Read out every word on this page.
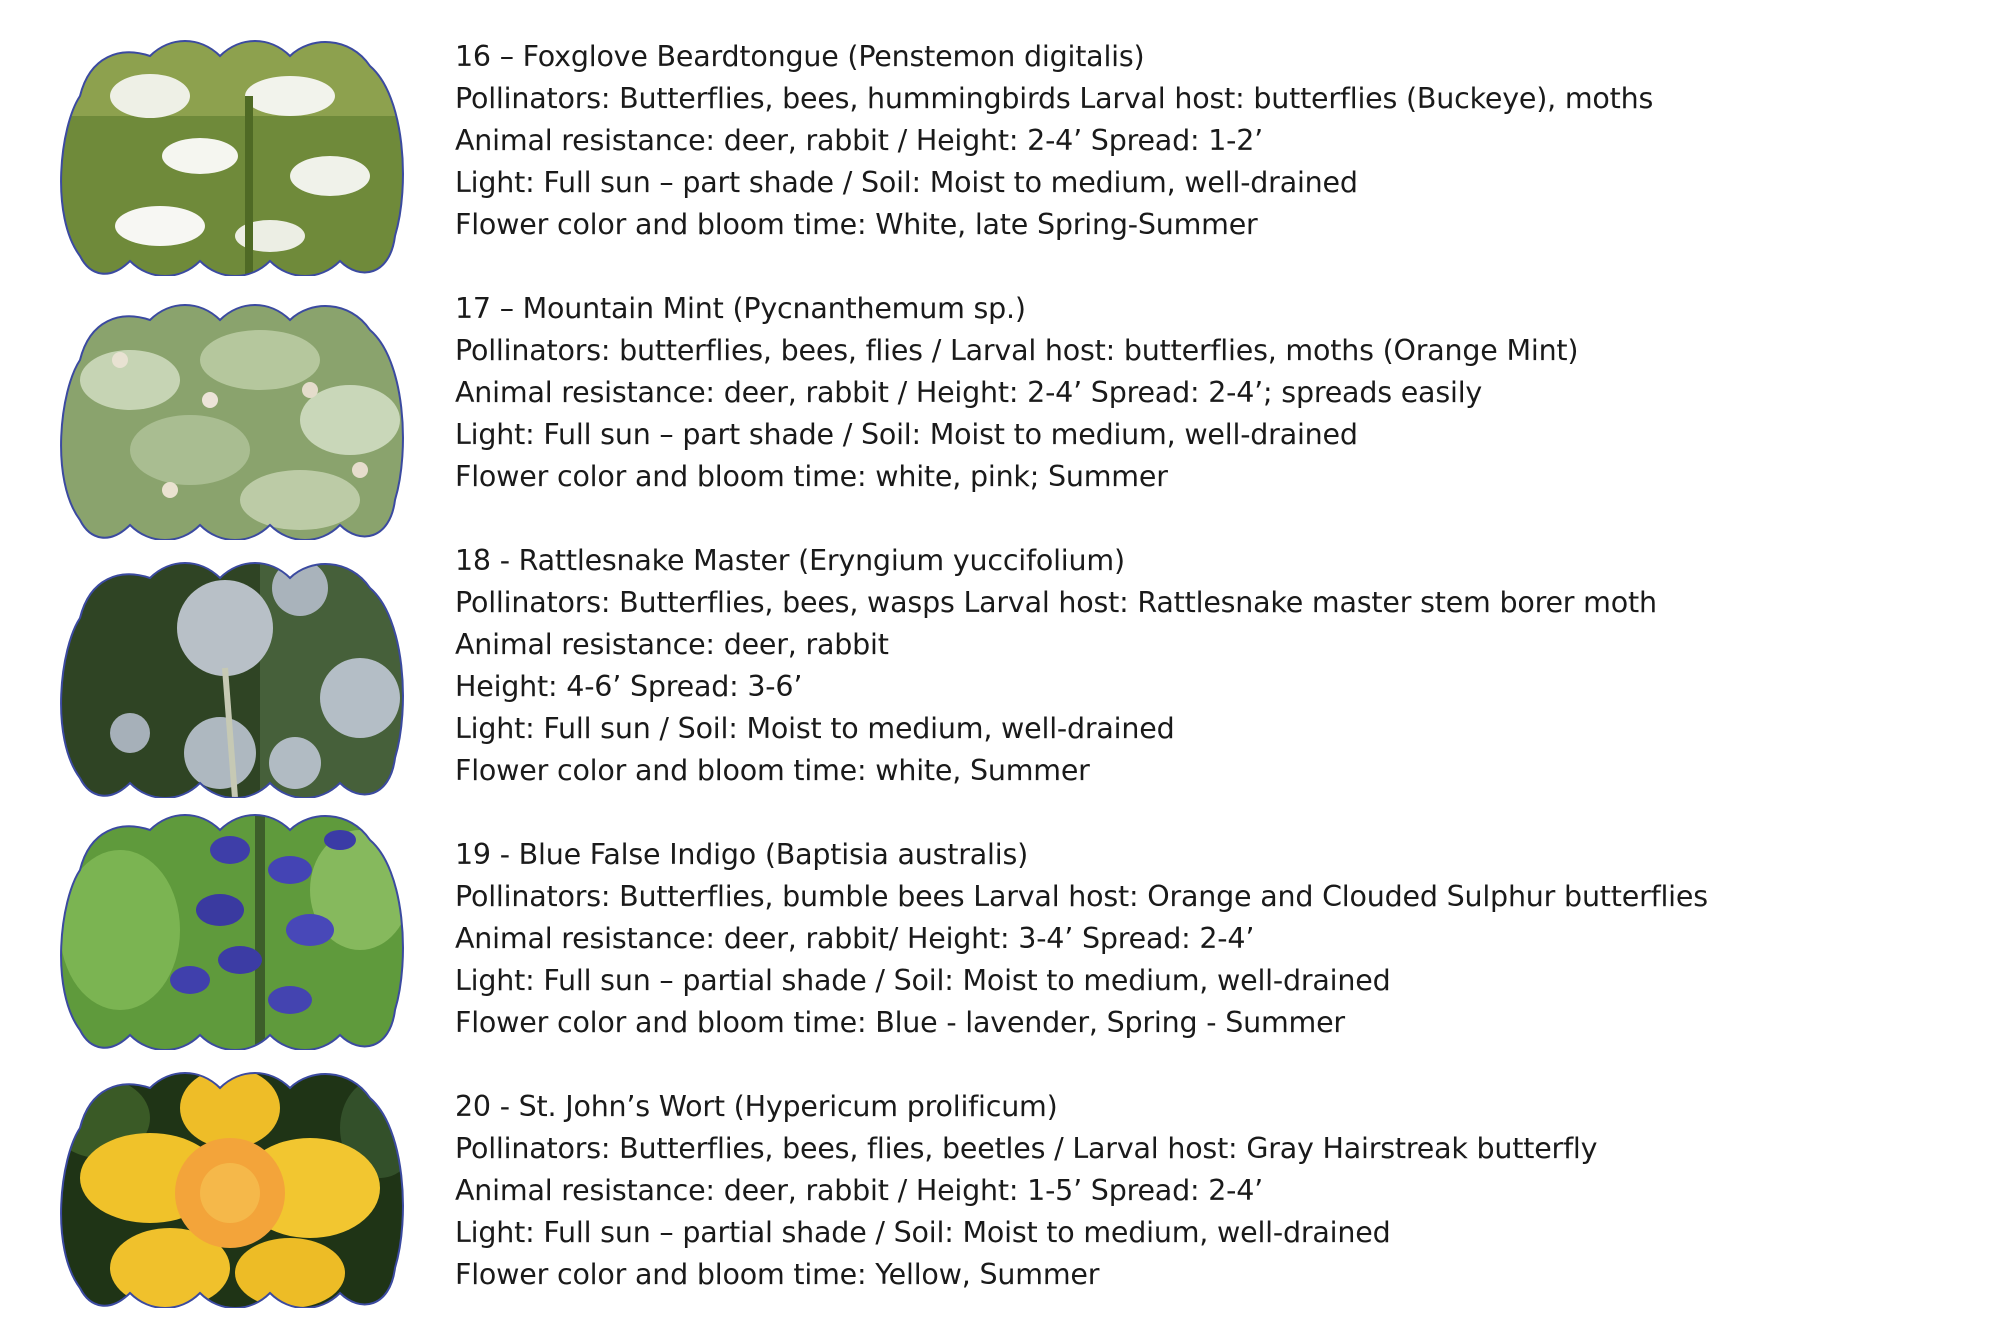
16 – Foxglove Beardtongue (Penstemon digitalis)
Pollinators: Butterflies, bees, hummingbirds Larval host: butterflies (Buckeye), moths
Animal resistance: deer, rabbit / Height: 2-4’ Spread: 1-2’
Light: Full sun – part shade / Soil: Moist to medium, well-drained
Flower color and bloom time: White, late Spring-Summer
17 – Mountain Mint (Pycnanthemum sp.)
Pollinators: butterflies, bees, flies / Larval host: butterflies, moths (Orange Mint)
Animal resistance: deer, rabbit / Height: 2-4’ Spread: 2-4’; spreads easily
Light: Full sun – part shade / Soil: Moist to medium, well-drained
Flower color and bloom time: white, pink; Summer
18 - Rattlesnake Master (Eryngium yuccifolium)
Pollinators: Butterflies, bees, wasps Larval host: Rattlesnake master stem borer moth
Animal resistance: deer, rabbit
Height: 4-6’ Spread: 3-6’
Light: Full sun / Soil: Moist to medium, well-drained
Flower color and bloom time: white, Summer
19 - Blue False Indigo (Baptisia australis)
Pollinators: Butterflies, bumble bees Larval host: Orange and Clouded Sulphur butterflies
Animal resistance: deer, rabbit/ Height: 3-4’ Spread: 2-4’
Light: Full sun – partial shade / Soil: Moist to medium, well-drained
Flower color and bloom time: Blue - lavender, Spring - Summer
20 - St. John’s Wort (Hypericum prolificum)
Pollinators: Butterflies, bees, flies, beetles / Larval host: Gray Hairstreak butterfly
Animal resistance: deer, rabbit / Height: 1-5’ Spread: 2-4’
Light: Full sun – partial shade / Soil: Moist to medium, well-drained
Flower color and bloom time: Yellow, Summer
